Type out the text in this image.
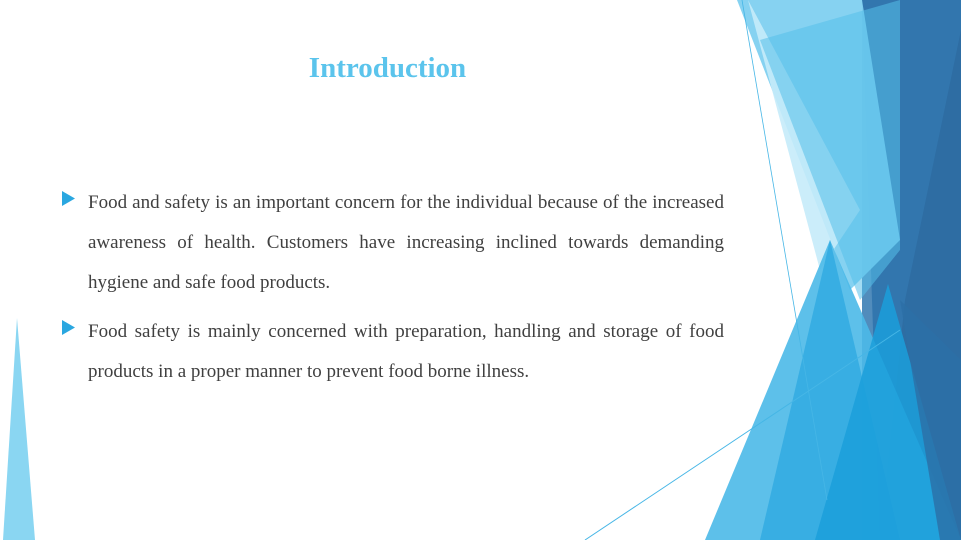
Introduction
Food and safety is an important concern for the individual because of the increased awareness of health. Customers have increasing inclined towards demanding hygiene and safe food products.
Food safety is mainly concerned with preparation, handling and storage of food products in a proper manner to prevent food borne illness.
